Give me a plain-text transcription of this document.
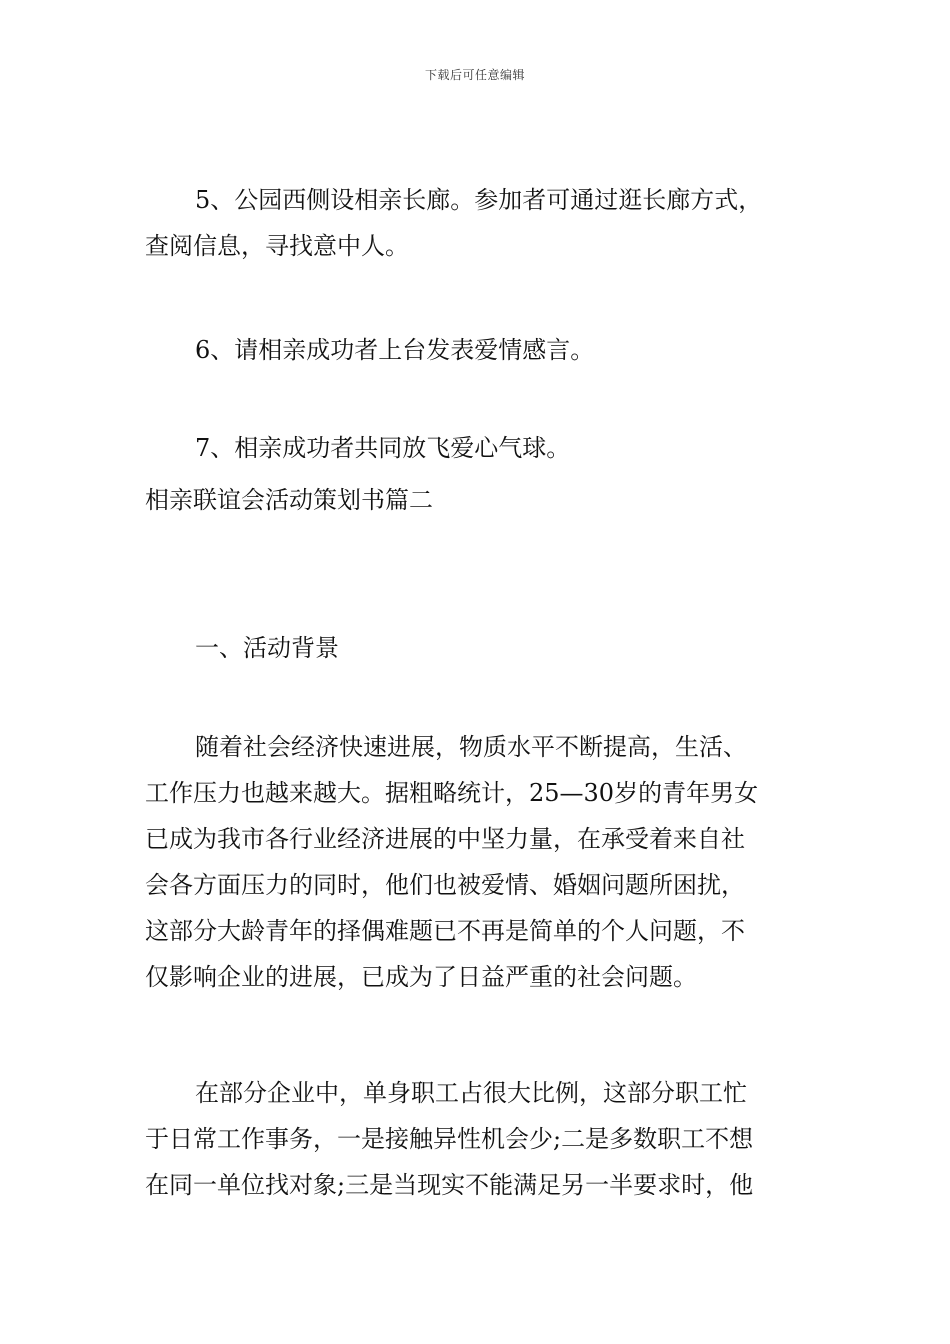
下载后可任意编辑
5、公园西侧设相亲长廊。参加者可通过逛长廊方式，
查阅信息，寻找意中人。
6、请相亲成功者上台发表爱情感言。
7、相亲成功者共同放飞爱心气球。
相亲联谊会活动策划书篇二
一、活动背景
随着社会经济快速进展，物质水平不断提高，生活、
工作压力也越来越大。据粗略统计，25—30岁的青年男女
已成为我市各行业经济进展的中坚力量，在承受着来自社
会各方面压力的同时，他们也被爱情、婚姻问题所困扰，
这部分大龄青年的择偶难题已不再是简单的个人问题，不
仅影响企业的进展，已成为了日益严重的社会问题。
在部分企业中，单身职工占很大比例，这部分职工忙
于日常工作事务，一是接触异性机会少;二是多数职工不想
在同一单位找对象;三是当现实不能满足另一半要求时，他
